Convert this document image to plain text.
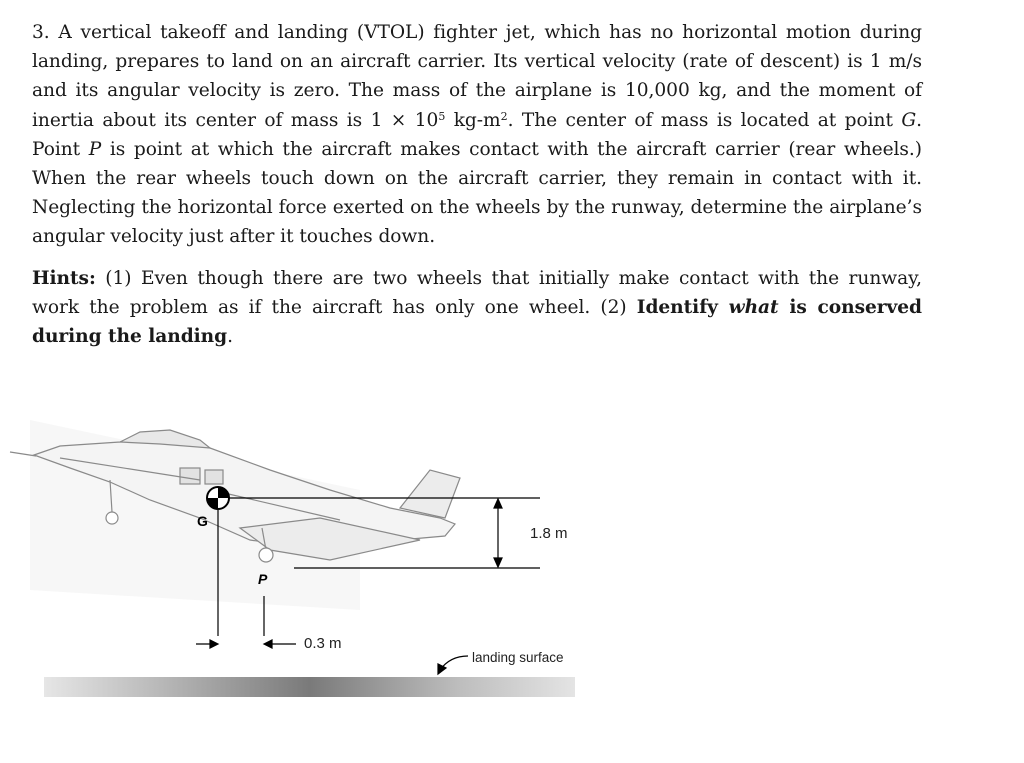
3. A vertical takeoff and landing (VTOL) fighter jet, which has no horizontal motion during landing, prepares to land on an aircraft carrier. Its vertical velocity (rate of descent) is 1 m/s and its angular velocity is zero. The mass of the airplane is 10,000 kg, and the moment of inertia about its center of mass is $1 \times 10^5$ $kg-m^2$. The center of mass is located at point G. Point P is point at which the aircraft makes contact with the aircraft carrier (rear wheels.) When the rear wheels touch down on the aircraft carrier, they remain in contact with it. Neglecting the horizontal force exerted on the wheels by the runway, determine the airplane’s angular velocity just after it touches down.

Hints: (1) Even though there are two wheels that initially make contact with the runway, work the problem as if the aircraft has only one wheel. (2) Identify what is conserved during the landing.

G
P
0.3 m
1.8 m
landing surface
